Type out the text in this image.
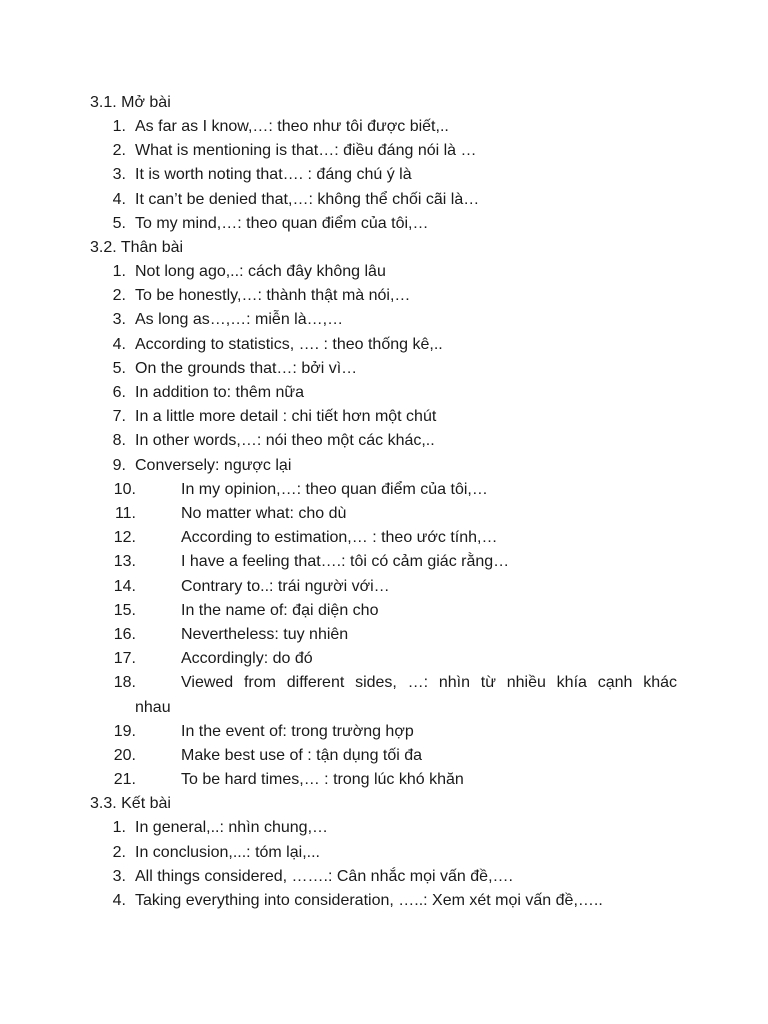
3.1. Mở bài
1. As far as I know,…: theo như tôi được biết,..
2. What is mentioning is that…: điều đáng nói là …
3. It is worth noting that…. : đáng chú ý là
4. It can’t be denied that,…: không thể chối cãi là…
5. To my mind,…: theo quan điểm của tôi,…
3.2. Thân bài
1. Not long ago,..: cách đây không lâu
2. To be honestly,…: thành thật mà nói,…
3. As long as…,…: miễn là…,…
4. According to statistics, …. : theo thống kê,..
5. On the grounds that…: bởi vì…
6. In addition to: thêm nữa
7. In a little more detail : chi tiết hơn một chút
8. In other words,…: nói theo một các khác,..
9. Conversely: ngược lại
10.	In my opinion,…: theo quan điểm của tôi,…
11.	No matter what: cho dù
12.	According to estimation,… : theo ước tính,…
13.	I have a feeling that….: tôi có cảm giác rằng…
14.	Contrary to..: trái người với…
15.	In the name of: đại diện cho
16.	Nevertheless: tuy nhiên
17.	Accordingly: do đó
18.	Viewed from different sides, …: nhìn từ nhiều khía cạnh khác
nhau
19.	In the event of: trong trường hợp
20.	Make best use of : tận dụng tối đa
21.	To be hard times,… : trong lúc khó khăn
3.3. Kết bài
1. In general,..: nhìn chung,…
2. In conclusion,...: tóm lại,...
3. All things considered, …….: Cân nhắc mọi vấn đề,….
4. Taking everything into consideration, …..: Xem xét mọi vấn đề,…..
